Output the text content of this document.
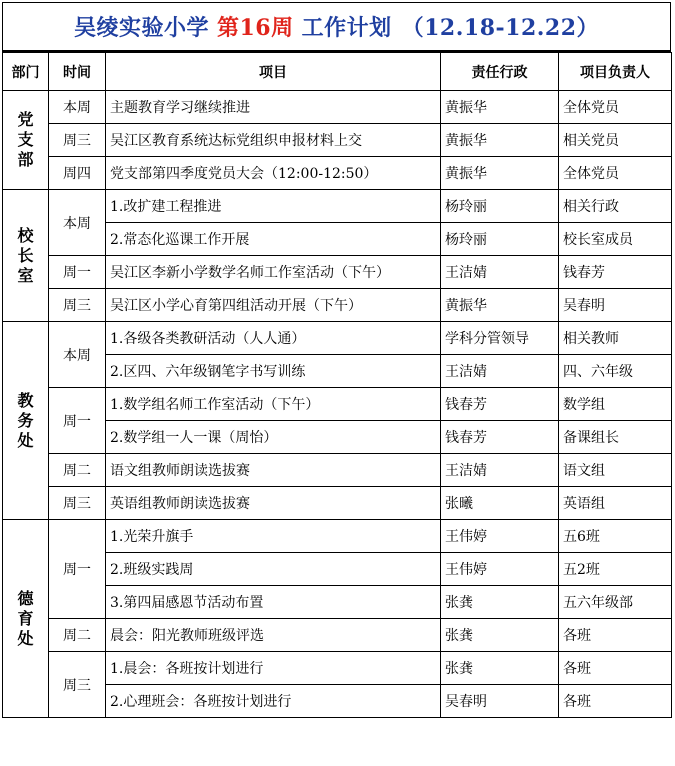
吴绫实验小学 第16周 工作计划 （12.18-12.22）
部门	时间	项目	责任行政	项目负责人
党支部	本周	主题教育学习继续推进	黄振华	全体党员
	周三	吴江区教育系统达标党组织申报材料上交	黄振华	相关党员
	周四	党支部第四季度党员大会（12:00-12:50）	黄振华	全体党员
校长室	本周	1.改扩建工程推进	杨玲丽	相关行政
		2.常态化巡课工作开展	杨玲丽	校长室成员
	周一	吴江区李新小学数学名师工作室活动（下午）	王洁婧	钱春芳
	周三	吴江区小学心育第四组活动开展（下午）	黄振华	吴春明
教务处	本周	1.各级各类教研活动（人人通）	学科分管领导	相关教师
		2.区四、六年级钢笔字书写训练	王洁婧	四、六年级
	周一	1.数学组名师工作室活动（下午）	钱春芳	数学组
		2.数学组一人一课（周怡）	钱春芳	备课组长
	周二	语文组教师朗读选拔赛	王洁婧	语文组
	周三	英语组教师朗读选拔赛	张曦	英语组
德育处	周一	1.光荣升旗手	王伟婷	五6班
		2.班级实践周	王伟婷	五2班
		3.第四届感恩节活动布置	张龚	五六年级部
	周二	晨会：阳光教师班级评选	张龚	各班
	周三	1.晨会：各班按计划进行	张龚	各班
		2.心理班会：各班按计划进行	吴春明	各班
